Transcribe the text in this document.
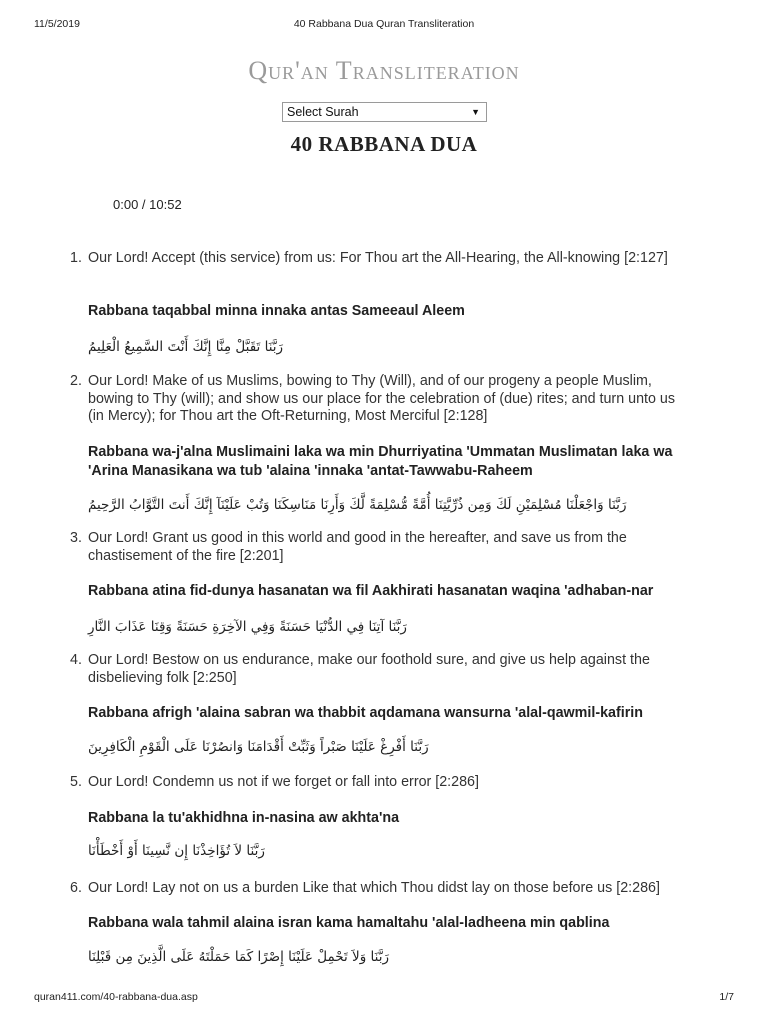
11/5/2019	40 Rabbana Dua Quran Transliteration
Qur'an Transliteration
Select Surah	▼
40 RABBANA DUA
0:00 / 10:52
1. Our Lord! Accept (this service) from us: For Thou art the All-Hearing, the All-knowing [2:127]
Rabbana taqabbal minna innaka antas Sameeaul Aleem
رَبَّنَا تَقَبَّلْ مِنَّا إِنَّكَ أَنْتَ السَّمِيعُ الْعَلِيمُ
2. Our Lord! Make of us Muslims, bowing to Thy (Will), and of our progeny a people Muslim, bowing to Thy (will); and show us our place for the celebration of (due) rites; and turn unto us (in Mercy); for Thou art the Oft-Returning, Most Merciful [2:128]
Rabbana wa-j'alna Muslimaini laka wa min Dhurriyatina 'Ummatan Muslimatan laka wa 'Arina Manasikana wa tub 'alaina 'innaka 'antat-Tawwabu-Raheem
رَبَّنَا وَاجْعَلْنَا مُسْلِمَيْنِ لَكَ وَمِن ذُرِّيَّتِنَا أُمَّةً مُّسْلِمَةً لَّكَ وَأَرِنَا مَنَاسِكَنَا وَتُبْ عَلَيْنَآ إِنَّكَ أَنتَ التَّوَّابُ الرَّحِيمُ
3. Our Lord! Grant us good in this world and good in the hereafter, and save us from the chastisement of the fire [2:201]
Rabbana atina fid-dunya hasanatan wa fil Aakhirati hasanatan waqina 'adhaban-nar
رَبَّنَا آتِنَا فِي الدُّنْيَا حَسَنَةً وَفِي الآخِرَةِ حَسَنَةً وَقِنَا عَذَابَ النَّارِ
4. Our Lord! Bestow on us endurance, make our foothold sure, and give us help against the disbelieving folk [2:250]
Rabbana afrigh 'alaina sabran wa thabbit aqdamana wansurna 'alal-qawmil-kafirin
رَبَّنَا أَفْرِغْ عَلَيْنَا صَبْراً وَثَبِّتْ أَقْدَامَنَا وَانصُرْنَا عَلَى الْقَوْمِ الْكَافِرِينَ
5. Our Lord! Condemn us not if we forget or fall into error [2:286]
Rabbana la tu'akhidhna in-nasina aw akhta'na
رَبَّنَا لاَ تُؤَاخِذْنَا إِن نَّسِينَا أَوْ أَخْطَأْنَا
6. Our Lord! Lay not on us a burden Like that which Thou didst lay on those before us [2:286]
Rabbana wala tahmil alaina isran kama hamaltahu 'alal-ladheena min qablina
رَبَّنَا وَلاَ تَحْمِلْ عَلَيْنَا إِصْرًا كَمَا حَمَلْتَهُ عَلَى الَّذِينَ مِن قَبْلِنَا
quran411.com/40-rabbana-dua.asp	1/7
